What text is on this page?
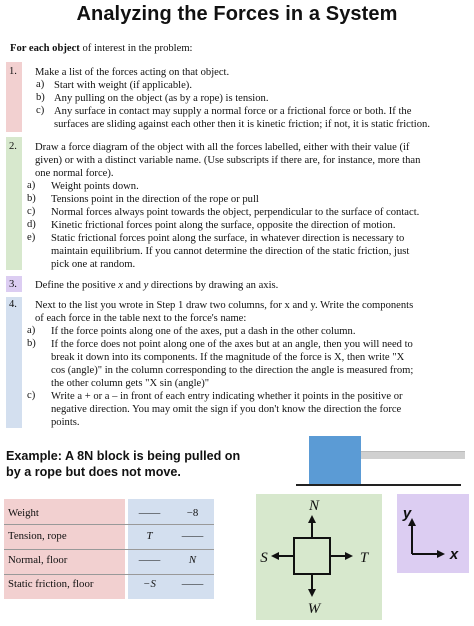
Analyzing the Forces in a System
For each object of interest in the problem:
1. Make a list of the forces acting on that object.
a) Start with weight (if applicable).
b) Any pulling on the object (as by a rope) is tension.
c) Any surface in contact may supply a normal force or a frictional force or both. If the
surfaces are sliding against each other then it is kinetic friction; if not, it is static friction.
2. Draw a force diagram of the object with all the forces labelled, either with their value (if
given) or with a distinct variable name. (Use subscripts if there are, for instance, more than
one normal force).
a) Weight points down.
b) Tensions point in the direction of the rope or pull
c) Normal forces always point towards the object, perpendicular to the surface of contact.
d) Kinetic frictional forces point along the surface, opposite the direction of motion.
e) Static frictional forces point along the surface, in whatever direction is necessary to
maintain equilibrium. If you cannot determine the direction of the static friction, just
pick one at random.
3. Define the positive x and y directions by drawing an axis.
4. Next to the list you wrote in Step 1 draw two columns, for x and y. Write the components
of each force in the table next to the force's name:
a) If the force points along one of the axes, put a dash in the other column.
b) If the force does not point along one of the axes but at an angle, then you will need to
break it down into its components. If the magnitude of the force is X, then write "X
cos (angle)" in the column corresponding to the direction the angle is measured from;
the other column gets "X sin (angle)"
c) Write a + or a – in front of each entry indicating whether it points in the positive or
negative direction. You may omit the sign if you don't know the direction the force
points.
Example: A 8N block is being pulled on
by a rope but does not move.
Weight	——	−8
Tension, rope	T	——
Normal, floor	——	N
Static friction, floor	−S	——
N
S	T
W
y
x
